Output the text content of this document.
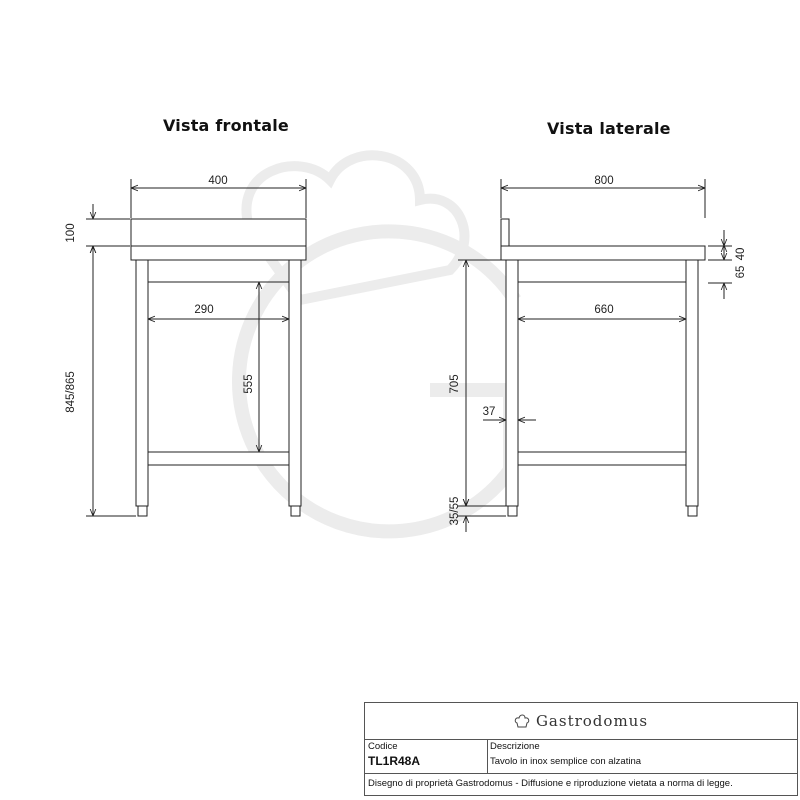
400
100
845/865
290
555
800
40
65
660
705
37
35/55
Vista frontale	Vista laterale
Gastrodomus
Codice
TL1R48A
Descrizione
Tavolo in inox semplice con alzatina
Disegno di proprietà Gastrodomus - Diffusione e riproduzione vietata a norma di legge.
